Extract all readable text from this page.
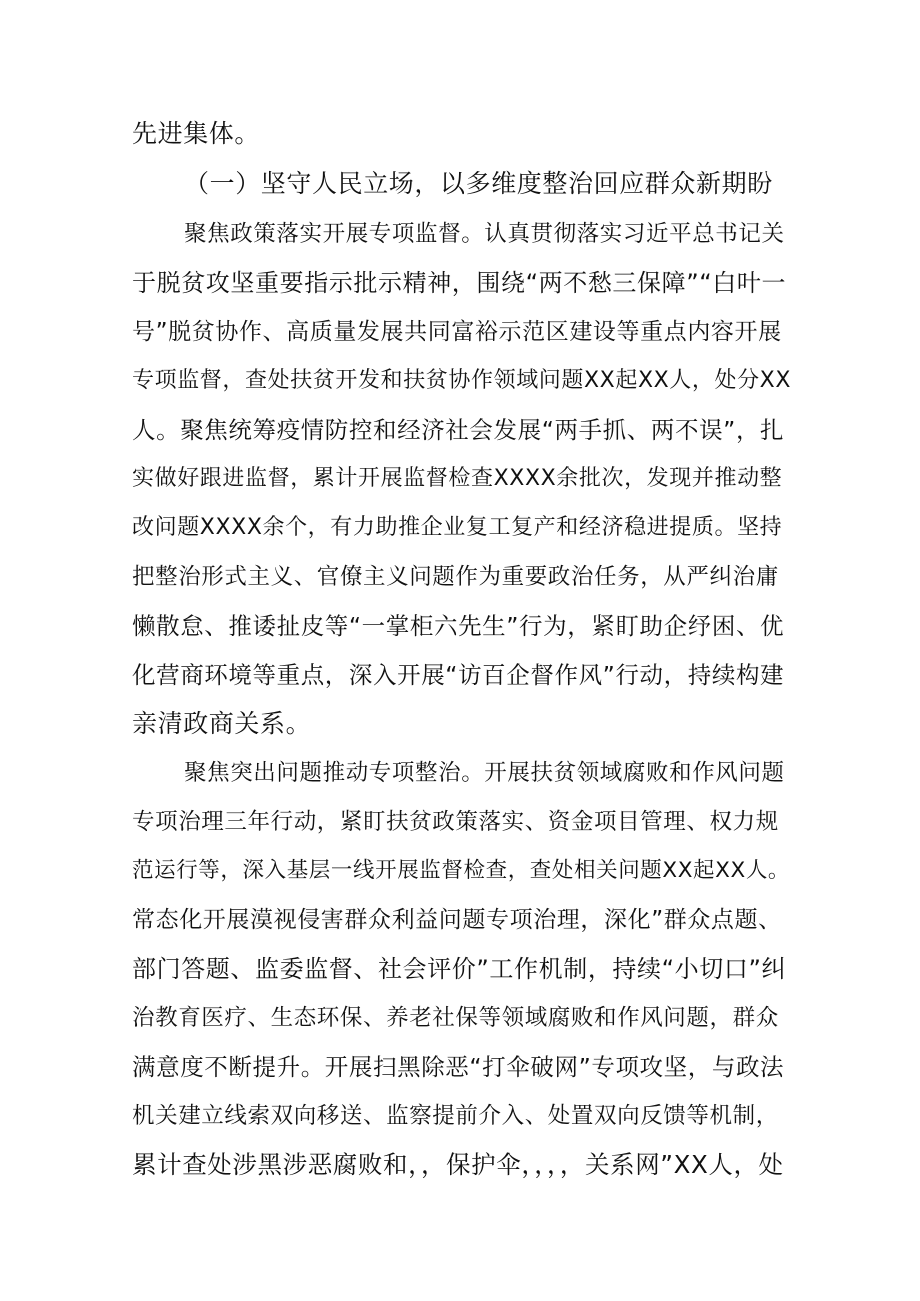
先进集体。
（一）坚守人民立场，以多维度整治回应群众新期盼
聚焦政策落实开展专项监督。认真贯彻落实习近平总书记关
于脱贫攻坚重要指示批示精神，围绕“两不愁三保障”“白叶一
号”脱贫协作、高质量发展共同富裕示范区建设等重点内容开展
专项监督，查处扶贫开发和扶贫协作领域问题XX起XX人，处分XX
人。聚焦统筹疫情防控和经济社会发展“两手抓、两不误”，扎
实做好跟进监督，累计开展监督检查XXXX余批次，发现并推动整
改问题XXXX余个，有力助推企业复工复产和经济稳进提质。坚持
把整治形式主义、官僚主义问题作为重要政治任务，从严纠治庸
懒散怠、推诿扯皮等“一掌柜六先生”行为，紧盯助企纾困、优
化营商环境等重点，深入开展“访百企督作风”行动，持续构建
亲清政商关系。
聚焦突出问题推动专项整治。开展扶贫领域腐败和作风问题
专项治理三年行动，紧盯扶贫政策落实、资金项目管理、权力规
范运行等，深入基层一线开展监督检查，查处相关问题XX起XX人。
常态化开展漠视侵害群众利益问题专项治理，深化”群众点题、
部门答题、监委监督、社会评价”工作机制，持续“小切口”纠
治教育医疗、生态环保、养老社保等领域腐败和作风问题，群众
满意度不断提升。开展扫黑除恶“打伞破网”专项攻坚，与政法
机关建立线索双向移送、监察提前介入、处置双向反馈等机制，
累计查处涉黑涉恶腐败和，，保护伞，，，，关系网”XX人，处
